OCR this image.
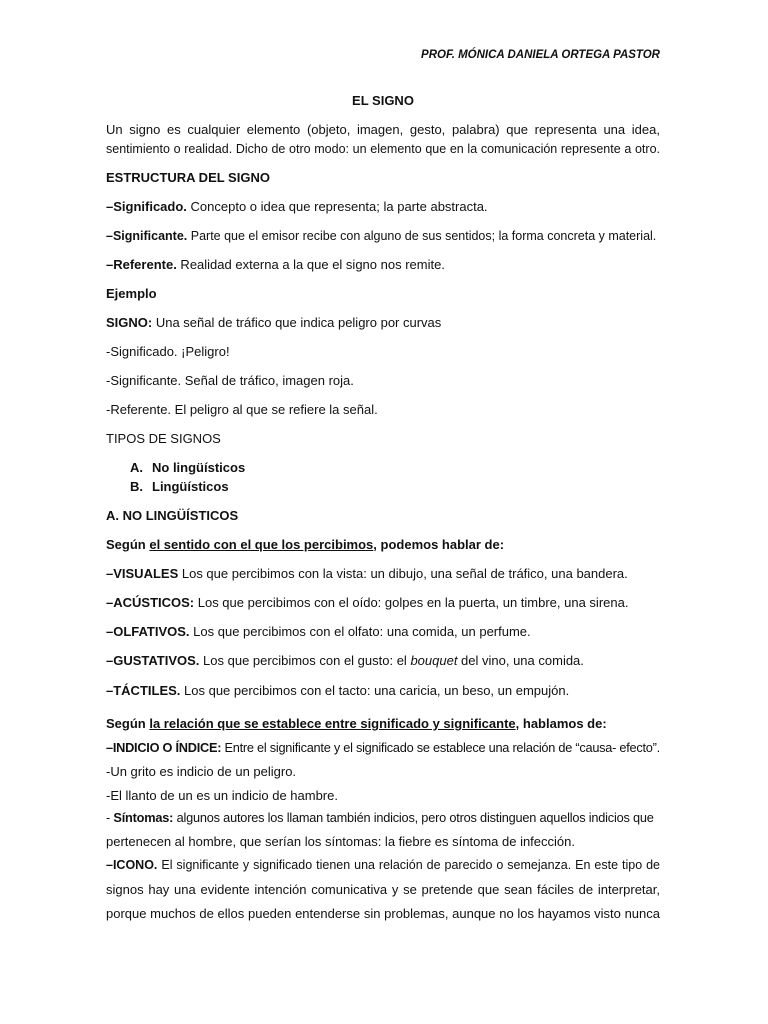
PROF. MÓNICA DANIELA ORTEGA PASTOR
EL SIGNO
Un signo es cualquier elemento (objeto, imagen, gesto, palabra) que representa una idea,
sentimiento o realidad. Dicho de otro modo: un elemento que en la comunicación represente a otro.
ESTRUCTURA DEL SIGNO
–Significado. Concepto o idea que representa; la parte abstracta.
–Significante. Parte que el emisor recibe con alguno de sus sentidos; la forma concreta y material.
–Referente. Realidad externa a la que el signo nos remite.
Ejemplo
SIGNO: Una señal de tráfico que indica peligro por curvas
-Significado. ¡Peligro!
-Significante. Señal de tráfico, imagen roja.
-Referente. El peligro al que se refiere la señal.
TIPOS DE SIGNOS
A. No lingüísticos
B. Lingüísticos
A. NO LINGÜÍSTICOS
Según el sentido con el que los percibimos, podemos hablar de:
–VISUALES Los que percibimos con la vista: un dibujo, una señal de tráfico, una bandera.
–ACÚSTICOS: Los que percibimos con el oído: golpes en la puerta, un timbre, una sirena.
–OLFATIVOS. Los que percibimos con el olfato: una comida, un perfume.
–GUSTATIVOS. Los que percibimos con el gusto: el bouquet del vino, una comida.
–TÁCTILES. Los que percibimos con el tacto: una caricia, un beso, un empujón.
Según la relación que se establece entre significado y significante, hablamos de:
–INDICIO O ÍNDICE: Entre el significante y el significado se establece una relación de “causa- efecto”.
-Un grito es indicio de un peligro.
-El llanto de un es un indicio de hambre.
- Síntomas: algunos autores los llaman también indicios, pero otros distinguen aquellos indicios que
pertenecen al hombre, que serían los síntomas: la fiebre es síntoma de infección.
–ICONO. El significante y significado tienen una relación de parecido o semejanza. En este tipo de
signos hay una evidente intención comunicativa y se pretende que sean fáciles de interpretar,
porque muchos de ellos pueden entenderse sin problemas, aunque no los hayamos visto nunca
